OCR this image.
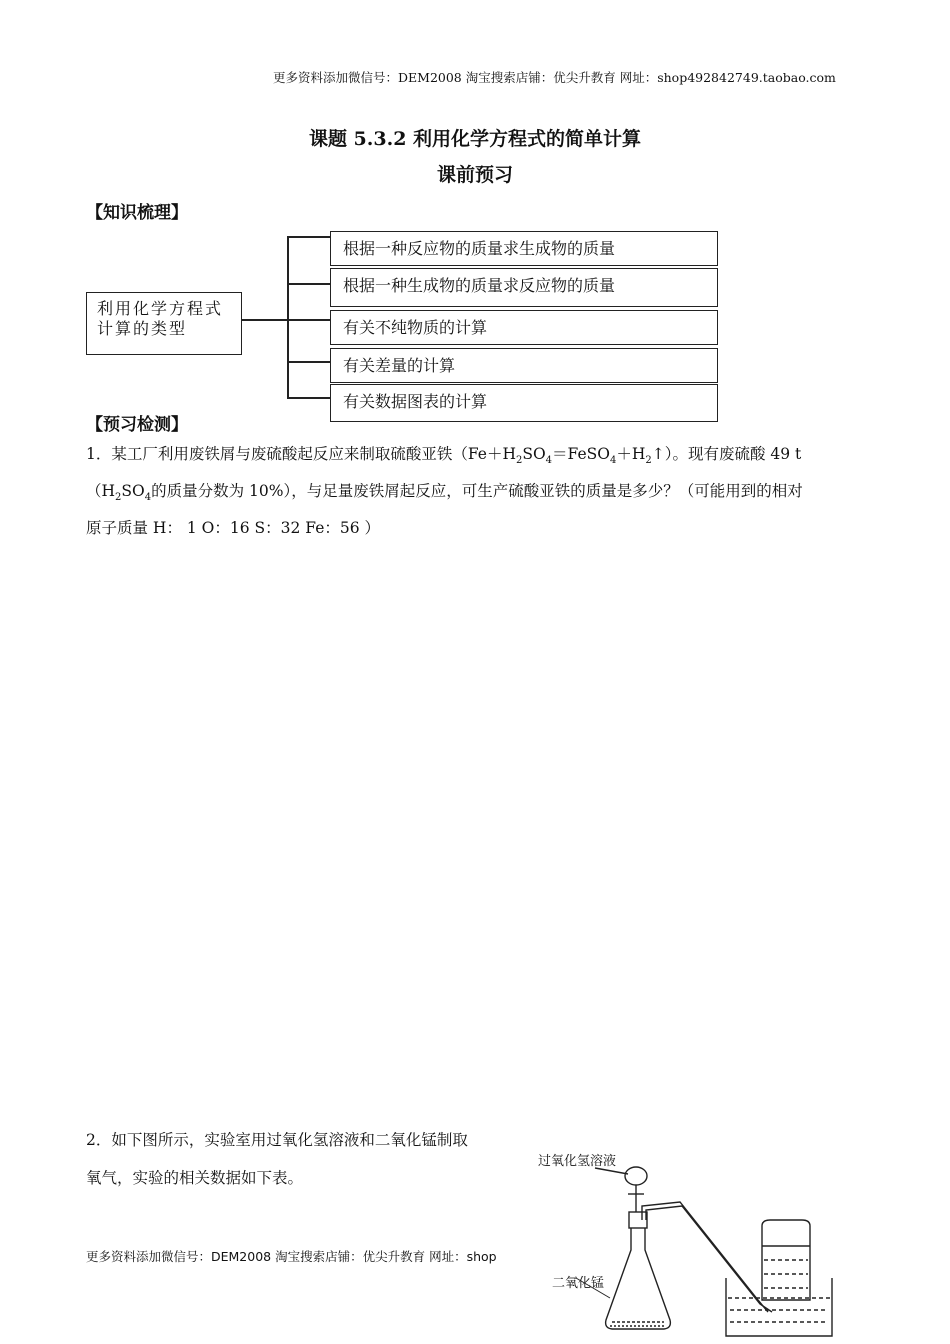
更多资料添加微信号：DEM2008 淘宝搜索店铺：优尖升教育 网址：shop492842749.taobao.com
课题 5.3.2 利用化学方程式的简单计算
课前预习
【知识梳理】
利用化学方程式计算的类型
根据一种反应物的质量求生成物的质量
根据一种生成物的质量求反应物的质量
有关不纯物质的计算
有关差量的计算
有关数据图表的计算
【预习检测】
1．某工厂利用废铁屑与废硫酸起反应来制取硫酸亚铁$(Fe+H_2SO_4=FeSO_4+H_2↑)$。现有废硫酸 49 t
（$H_2SO_4$的质量分数为 10%），与足量废铁屑起反应，可生产硫酸亚铁的质量是多少？（可能用到的相对
原子质量 H： 1 O：16 S：32 Fe：56 ）
2．如下图所示，实验室用过氧化氢溶液和二氧化锰制取
氧气，实验的相关数据如下表。
过氧化氢溶液
二氧化锰
更多资料添加微信号：DEM2008 淘宝搜索店铺：优尖升教育 网址：shop
